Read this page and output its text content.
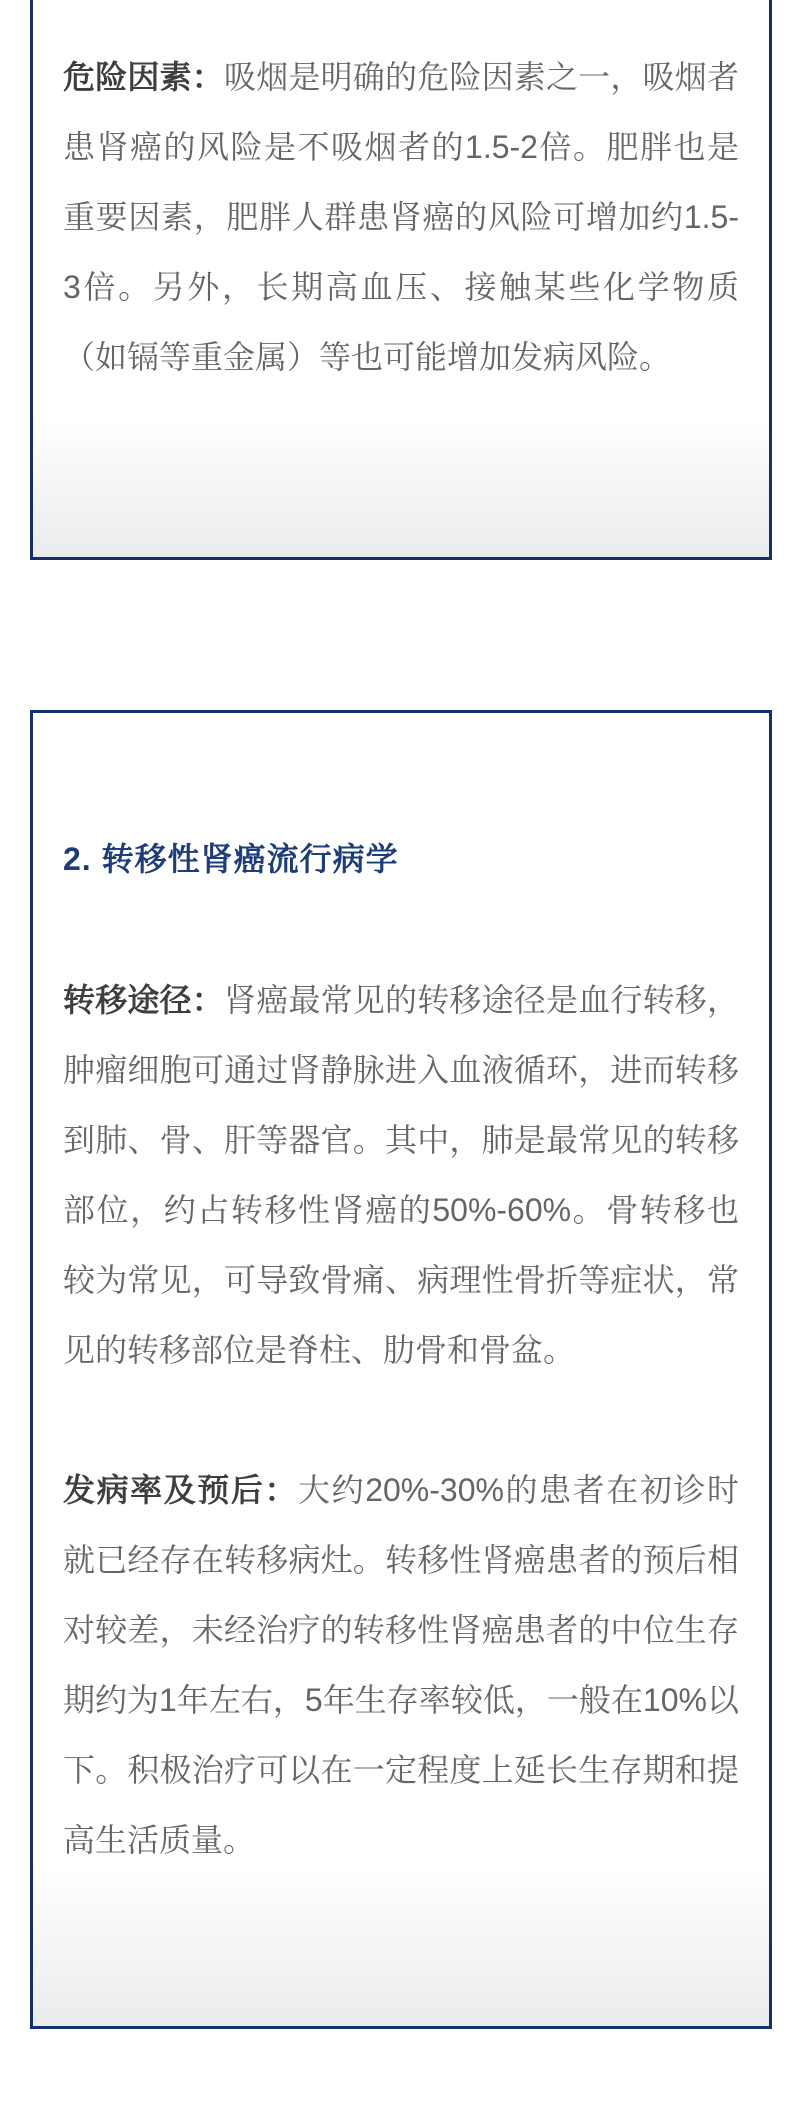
危险因素：吸烟是明确的危险因素之一，吸烟者患肾癌的风险是不吸烟者的1.5-2倍。肥胖也是重要因素，肥胖人群患肾癌的风险可增加约1.5-3倍。另外，长期高血压、接触某些化学物质（如镉等重金属）等也可能增加发病风险。

2. 转移性肾癌流行病学

转移途径：肾癌最常见的转移途径是血行转移，肿瘤细胞可通过肾静脉进入血液循环，进而转移到肺、骨、肝等器官。其中，肺是最常见的转移部位，约占转移性肾癌的50%-60%。骨转移也较为常见，可导致骨痛、病理性骨折等症状，常见的转移部位是脊柱、肋骨和骨盆。

发病率及预后：大约20%-30%的患者在初诊时就已经存在转移病灶。转移性肾癌患者的预后相对较差，未经治疗的转移性肾癌患者的中位生存期约为1年左右，5年生存率较低，一般在10%以下。积极治疗可以在一定程度上延长生存期和提高生活质量。
